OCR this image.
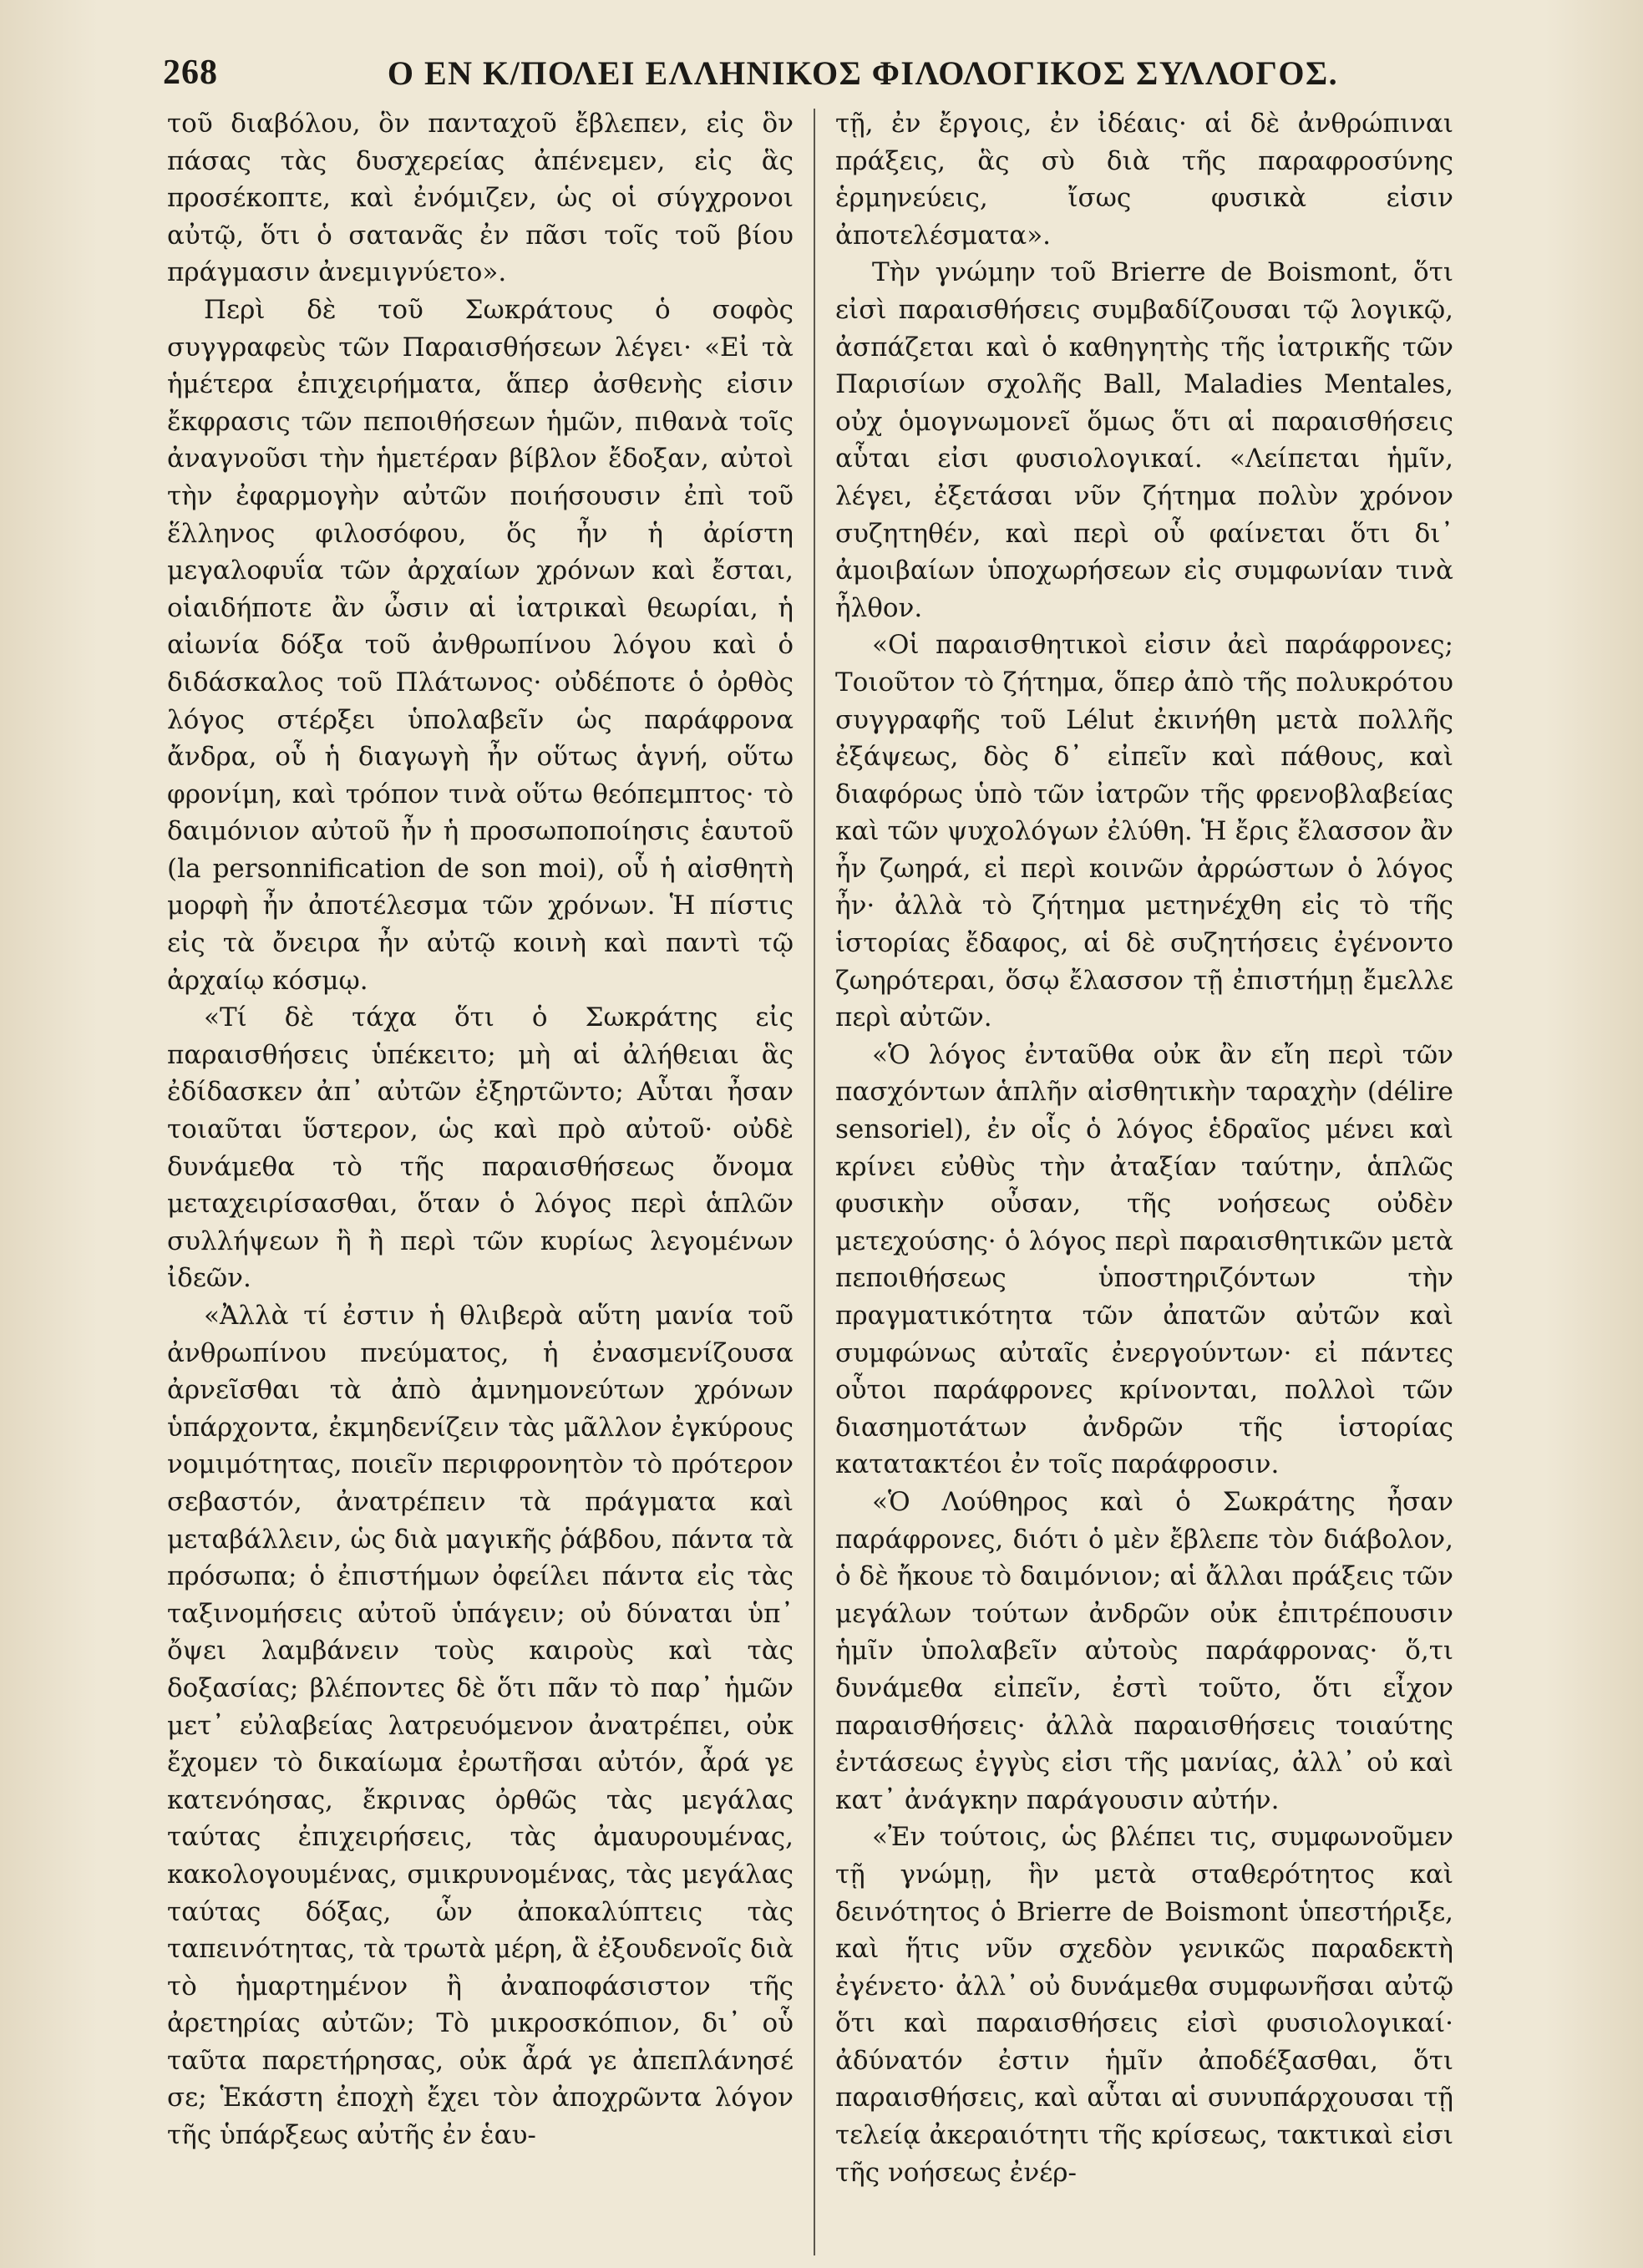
268	Ο ΕΝ Κ/ΠΟΛΕΙ ΕΛΛΗΝΙΚΟΣ ΦΙΛΟΛΟΓΙΚΟΣ ΣΥΛΛΟΓΟΣ.

τοῦ διαβόλου, ὃν πανταχοῦ ἔβλεπεν, εἰς ὃν πάσας τὰς δυσχερείας ἀπένεμεν, εἰς ἃς προσέκοπτε, καὶ ἐνόμιζεν, ὡς οἱ σύγχρονοι αὐτῷ, ὅτι ὁ σατανᾶς ἐν πᾶσι τοῖς τοῦ βίου πράγμασιν ἀνεμιγνύετο».

Περὶ δὲ τοῦ Σωκράτους ὁ σοφὸς συγγραφεὺς τῶν Παραισθήσεων λέγει· «Εἰ τὰ ἡμέτερα ἐπιχειρήματα, ἅπερ ἀσθενὴς εἰσιν ἔκφρασις τῶν πεποιθήσεων ἡμῶν, πιθανὰ τοῖς ἀναγνοῦσι τὴν ἡμετέραν βίβλον ἔδοξαν, αὐτοὶ τὴν ἐφαρμογὴν αὐτῶν ποιήσουσιν ἐπὶ τοῦ ἕλληνος φιλοσόφου, ὅς ἦν ἡ ἀρίστη μεγαλοφυΐα τῶν ἀρχαίων χρόνων καὶ ἔσται, οἱαιδήποτε ἂν ὦσιν αἱ ἰατρικαὶ θεωρίαι, ἡ αἰωνία δόξα τοῦ ἀνθρωπίνου λόγου καὶ ὁ διδάσκαλος τοῦ Πλάτωνος· οὐδέποτε ὁ ὀρθὸς λόγος στέρξει ὑπολαβεῖν ὡς παράφρονα ἄνδρα, οὗ ἡ διαγωγὴ ἦν οὕτως ἁγνή, οὕτω φρονίμη, καὶ τρόπον τινὰ οὕτω θεόπεμπτος· τὸ δαιμόνιον αὐτοῦ ἦν ἡ προσωποποίησις ἑαυτοῦ (la personnification de son moi), οὗ ἡ αἰσθητὴ μορφὴ ἦν ἀποτέλεσμα τῶν χρόνων. Ἡ πίστις εἰς τὰ ὄνειρα ἦν αὐτῷ κοινὴ καὶ παντὶ τῷ ἀρχαίῳ κόσμῳ.

«Τί δὲ τάχα ὅτι ὁ Σωκράτης εἰς παραισθήσεις ὑπέκειτο; μὴ αἱ ἀλήθειαι ἃς ἐδίδασκεν ἀπ᾿ αὐτῶν ἐξηρτῶντο; Αὗται ἦσαν τοιαῦται ὕστερον, ὡς καὶ πρὸ αὐτοῦ· οὐδὲ δυνάμεθα τὸ τῆς παραισθήσεως ὄνομα μεταχειρίσασθαι, ὅταν ὁ λόγος περὶ ἁπλῶν συλλήψεων ἢ ἢ περὶ τῶν κυρίως λεγομένων ἰδεῶν.

«Ἀλλὰ τί ἐστιν ἡ θλιβερὰ αὕτη μανία τοῦ ἀνθρωπίνου πνεύματος, ἡ ἐνασμενίζουσα ἀρνεῖσθαι τὰ ἀπὸ ἀμνημονεύτων χρόνων ὑπάρχοντα, ἐκμηδενίζειν τὰς μᾶλλον ἐγκύρους νομιμότητας, ποιεῖν περιφρονητὸν τὸ πρότερον σεβαστόν, ἀνατρέπειν τὰ πράγματα καὶ μεταβάλλειν, ὡς διὰ μαγικῆς ῥάβδου, πάντα τὰ πρόσωπα; ὁ ἐπιστήμων ὀφείλει πάντα εἰς τὰς ταξινομήσεις αὐτοῦ ὑπάγειν; οὐ δύναται ὑπ᾿ ὄψει λαμβάνειν τοὺς καιροὺς καὶ τὰς δοξασίας; βλέποντες δὲ ὅτι πᾶν τὸ παρ᾿ ἡμῶν μετ᾿ εὐλαβείας λατρευόμενον ἀνατρέπει, οὐκ ἔχομεν τὸ δικαίωμα ἐρωτῆσαι αὐτόν, ἆρά γε κατενόησας, ἔκρινας ὀρθῶς τὰς μεγάλας ταύτας ἐπιχειρήσεις, τὰς ἀμαυρουμένας, κακολογουμένας, σμικρυνομένας, τὰς μεγάλας ταύτας δόξας, ὧν ἀποκαλύπτεις τὰς ταπεινότητας, τὰ τρωτὰ μέρη, ἃ ἐξουδενοῖς διὰ τὸ ἡμαρτημένον ἢ ἀναποφάσιστον τῆς ἀρετηρίας αὐτῶν; Τὸ μικροσκόπιον, δι᾿ οὗ ταῦτα παρετήρησας, οὐκ ἆρά γε ἀπεπλάνησέ σε; Ἑκάστη ἐποχὴ ἔχει τὸν ἀποχρῶντα λόγον τῆς ὑπάρξεως αὐτῆς ἐν ἑαυ-

τῇ, ἐν ἔργοις, ἐν ἰδέαις· αἱ δὲ ἀνθρώπιναι πράξεις, ἃς σὺ διὰ τῆς παραφροσύνης ἑρμηνεύεις, ἴσως φυσικὰ εἰσιν ἀποτελέσματα».

Τὴν γνώμην τοῦ Brierre de Boismont, ὅτι εἰσὶ παραισθήσεις συμβαδίζουσαι τῷ λογικῷ, ἀσπάζεται καὶ ὁ καθηγητὴς τῆς ἰατρικῆς τῶν Παρισίων σχολῆς Ball, Maladies Mentales, οὐχ ὁμογνωμονεῖ ὅμως ὅτι αἱ παραισθήσεις αὗται εἰσι φυσιολογικαί. «Λείπεται ἡμῖν, λέγει, ἐξετάσαι νῦν ζήτημα πολὺν χρόνον συζητηθέν, καὶ περὶ οὗ φαίνεται ὅτι δι᾿ ἀμοιβαίων ὑποχωρήσεων εἰς συμφωνίαν τινὰ ἦλθον.

«Οἱ παραισθητικοὶ εἰσιν ἀεὶ παράφρονες; Τοιοῦτον τὸ ζήτημα, ὅπερ ἀπὸ τῆς πολυκρότου συγγραφῆς τοῦ Lélut ἐκινήθη μετὰ πολλῆς ἐξάψεως, δὸς δ᾿ εἰπεῖν καὶ πάθους, καὶ διαφόρως ὑπὸ τῶν ἰατρῶν τῆς φρενοβλαβείας καὶ τῶν ψυχολόγων ἐλύθη. Ἡ ἔρις ἔλασσον ἂν ἦν ζωηρά, εἰ περὶ κοινῶν ἀρρώστων ὁ λόγος ἦν· ἀλλὰ τὸ ζήτημα μετηνέχθη εἰς τὸ τῆς ἱστορίας ἔδαφος, αἱ δὲ συζητήσεις ἐγένοντο ζωηρότεραι, ὅσῳ ἔλασσον τῇ ἐπιστήμῃ ἔμελλε περὶ αὐτῶν.

«Ὁ λόγος ἐνταῦθα οὐκ ἂν εἴη περὶ τῶν πασχόντων ἁπλῆν αἰσθητικὴν ταραχὴν (délire sensoriel), ἐν οἷς ὁ λόγος ἑδραῖος μένει καὶ κρίνει εὐθὺς τὴν ἀταξίαν ταύτην, ἁπλῶς φυσικὴν οὖσαν, τῆς νοήσεως οὐδὲν μετεχούσης· ὁ λόγος περὶ παραισθητικῶν μετὰ πεποιθήσεως ὑποστηριζόντων τὴν πραγματικότητα τῶν ἀπατῶν αὐτῶν καὶ συμφώνως αὐταῖς ἐνεργούντων· εἰ πάντες οὗτοι παράφρονες κρίνονται, πολλοὶ τῶν διασημοτάτων ἀνδρῶν τῆς ἱστορίας κατατακτέοι ἐν τοῖς παράφροσιν.

«Ὁ Λούθηρος καὶ ὁ Σωκράτης ἦσαν παράφρονες, διότι ὁ μὲν ἔβλεπε τὸν διάβολον, ὁ δὲ ἤκουε τὸ δαιμόνιον; αἱ ἄλλαι πράξεις τῶν μεγάλων τούτων ἀνδρῶν οὐκ ἐπιτρέπουσιν ἡμῖν ὑπολαβεῖν αὐτοὺς παράφρονας· ὅ,τι δυνάμεθα εἰπεῖν, ἐστὶ τοῦτο, ὅτι εἶχον παραισθήσεις· ἀλλὰ παραισθήσεις τοιαύτης ἐντάσεως ἐγγὺς εἰσι τῆς μανίας, ἀλλ᾿ οὐ καὶ κατ᾿ ἀνάγκην παράγουσιν αὐτήν.

«Ἐν τούτοις, ὡς βλέπει τις, συμφωνοῦμεν τῇ γνώμῃ, ἣν μετὰ σταθερότητος καὶ δεινότητος ὁ Brierre de Boismont ὑπεστήριξε, καὶ ἥτις νῦν σχεδὸν γενικῶς παραδεκτὴ ἐγένετο· ἀλλ᾿ οὐ δυνάμεθα συμφωνῆσαι αὐτῷ ὅτι καὶ παραισθήσεις εἰσὶ φυσιολογικαί· ἀδύνατόν ἐστιν ἡμῖν ἀποδέξασθαι, ὅτι παραισθήσεις, καὶ αὗται αἱ συνυπάρχουσαι τῇ τελείᾳ ἀκεραιότητι τῆς κρίσεως, τακτικαὶ εἰσι τῆς νοήσεως ἐνέρ-
